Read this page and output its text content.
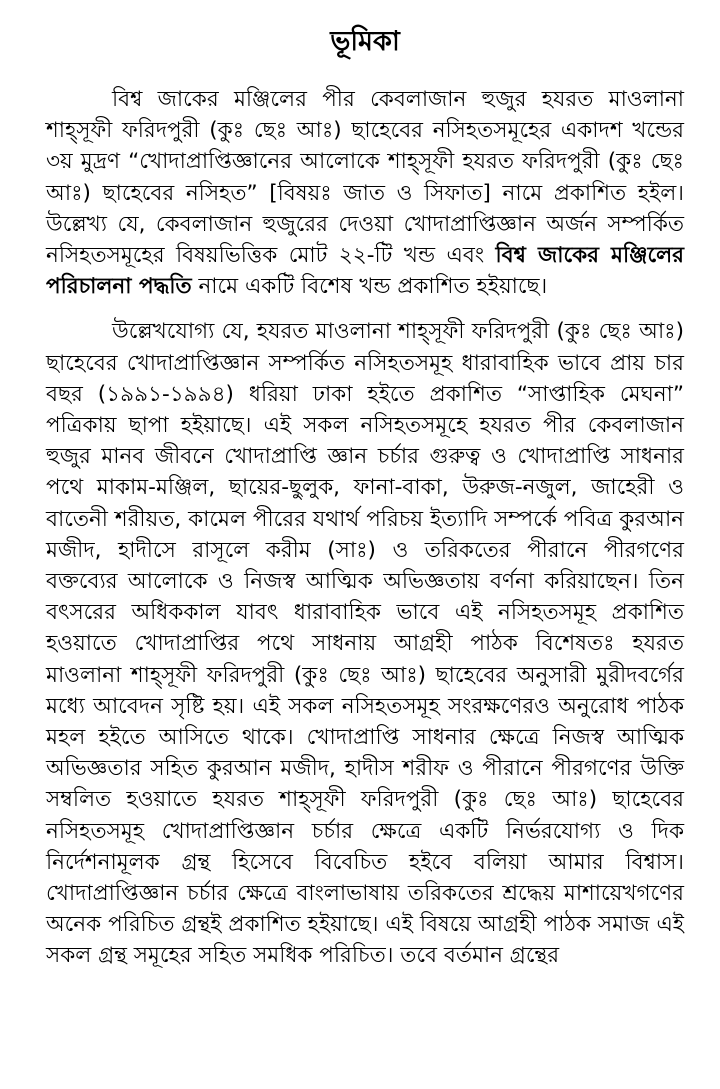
ভূমিকা

বিশ্ব জাকের মঞ্জিলের পীর কেবলাজান হুজুর হযরত মাওলানা শাহ্সূফী ফরিদপুরী (কুঃ ছেঃ আঃ) ছাহেবের নসিহতসমূহের একাদশ খন্ডের ৩য় মুদ্রণ “খোদাপ্রাপ্তিজ্ঞানের আলোকে শাহ্সূফী হযরত ফরিদপুরী (কুঃ ছেঃ আঃ) ছাহেবের নসিহত” [বিষয়ঃ জাত ও সিফাত] নামে প্রকাশিত হইল। উল্লেখ্য যে, কেবলাজান হুজুরের দেওয়া খোদাপ্রাপ্তিজ্ঞান অর্জন সম্পর্কিত নসিহতসমূহের বিষয়ভিত্তিক মোট ২২-টি খন্ড এবং বিশ্ব জাকের মঞ্জিলের পরিচালনা পদ্ধতি নামে একটি বিশেষ খন্ড প্রকাশিত হইয়াছে।

উল্লেখযোগ্য যে, হযরত মাওলানা শাহ্সূফী ফরিদপুরী (কুঃ ছেঃ আঃ) ছাহেবের খোদাপ্রাপ্তিজ্ঞান সম্পর্কিত নসিহতসমূহ ধারাবাহিক ভাবে প্রায় চার বছর (১৯৯১-১৯৯৪) ধরিয়া ঢাকা হইতে প্রকাশিত “সাপ্তাহিক মেঘনা” পত্রিকায় ছাপা হইয়াছে। এই সকল নসিহতসমূহে হযরত পীর কেবলাজান হুজুর মানব জীবনে খোদাপ্রাপ্তি জ্ঞান চর্চার গুরুত্ব ও খোদাপ্রাপ্তি সাধনার পথে মাকাম-মঞ্জিল, ছায়ের-ছুলুক, ফানা-বাকা, উরুজ-নজুল, জাহেরী ও বাতেনী শরীয়ত, কামেল পীরের যথার্থ পরিচয় ইত্যাদি সম্পর্কে পবিত্র কুরআন মজীদ, হাদীসে রাসূলে করীম (সাঃ) ও তরিকতের পীরানে পীরগণের বক্তব্যের আলোকে ও নিজস্ব আত্মিক অভিজ্ঞতায় বর্ণনা করিয়াছেন। তিন বৎসরের অধিককাল যাবৎ ধারাবাহিক ভাবে এই নসিহতসমূহ প্রকাশিত হওয়াতে খোদাপ্রাপ্তির পথে সাধনায় আগ্রহী পাঠক বিশেষতঃ হযরত মাওলানা শাহ্সূফী ফরিদপুরী (কুঃ ছেঃ আঃ) ছাহেবের অনুসারী মুরীদবর্গের মধ্যে আবেদন সৃষ্টি হয়। এই সকল নসিহতসমূহ সংরক্ষণেরও অনুরোধ পাঠক মহল হইতে আসিতে থাকে। খোদাপ্রাপ্তি সাধনার ক্ষেত্রে নিজস্ব আত্মিক অভিজ্ঞতার সহিত কুরআন মজীদ, হাদীস শরীফ ও পীরানে পীরগণের উক্তি সম্বলিত হওয়াতে হযরত শাহ্সূফী ফরিদপুরী (কুঃ ছেঃ আঃ) ছাহেবের নসিহতসমূহ খোদাপ্রাপ্তিজ্ঞান চর্চার ক্ষেত্রে একটি নির্ভরযোগ্য ও দিক নির্দেশনামূলক গ্রন্থ হিসেবে বিবেচিত হইবে বলিয়া আমার বিশ্বাস। খোদাপ্রাপ্তিজ্ঞান চর্চার ক্ষেত্রে বাংলাভাষায় তরিকতের শ্রদ্ধেয় মাশায়েখগণের অনেক পরিচিত গ্রন্থই প্রকাশিত হইয়াছে। এই বিষয়ে আগ্রহী পাঠক সমাজ এই সকল গ্রন্থ সমূহের সহিত সমধিক পরিচিত। তবে বর্তমান গ্রন্থের
